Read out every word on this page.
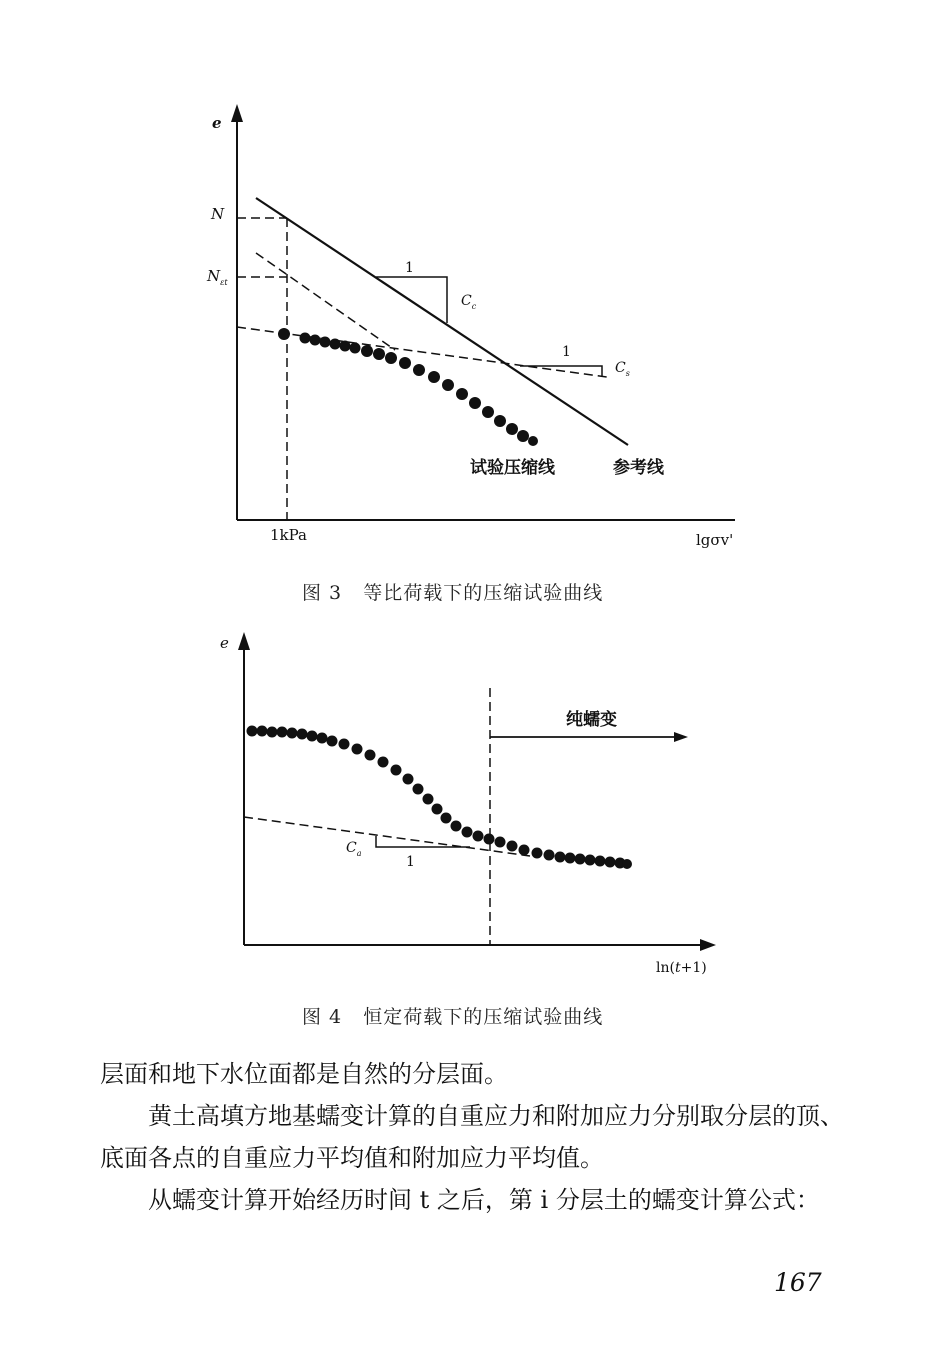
e
lgσv'
1kPa
N
$N_{\varepsilon t}$
1
$C_c$
1
$C_s$
试验压缩线	参考线
图 3   等比荷载下的压缩试验曲线
e
ln(t+1)
纯蠕变
$C_a$
1
图 4   恒定荷载下的压缩试验曲线
层面和地下水位面都是自然的分层面。
黄土高填方地基蠕变计算的自重应力和附加应力分别取分层的顶、底面各点的自重应力平均值和附加应力平均值。
从蠕变计算开始经历时间 t 之后，第 i 分层土的蠕变计算公式：
167
